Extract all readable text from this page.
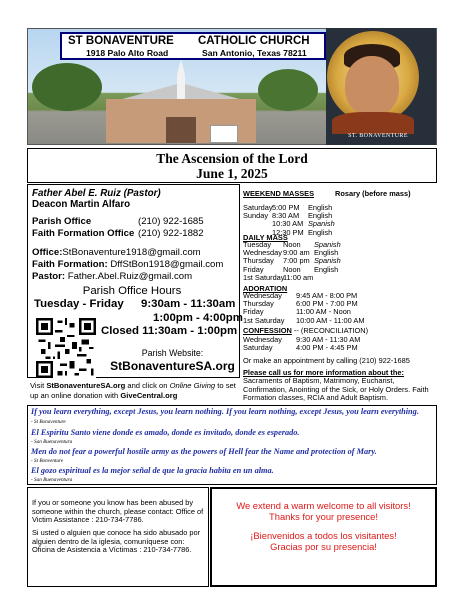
ST BONAVENTURE CATHOLIC CHURCH
1918 Palo Alto Road	San Antonio, Texas 78211
ST. BONAVENTURE
The Ascension of the Lord
June 1, 2025
Father Abel E. Ruiz (Pastor)
Deacon Martin Alfaro
Parish Office	(210) 922-1685
Faith Formation Office (210) 922-1882
Office:StBonaventure1918@gmail.com
Faith Formation: DffStBon1918@gmail.com
Pastor: Father.Abel.Ruiz@gmail.com
Parish Office Hours
Tuesday - Friday 9:30am - 11:30am
1:00pm - 4:00pm
Closed 11:30am - 1:00pm
Parish Website:
StBonaventureSA.org
Visit StBonaventureSA.org and click on Online Giving to set up an online donation with GiveCentral.org
WEEKEND MASSES	Rosary (before mass)
Saturday 5:00 PM English
Sunday 8:30 AM English
10:30 AM Spanish
12:30 PM English
DAILY MASS
Tuesday Noon Spanish
Wednesday 9:00 am English
Thursday 7:00 pm Spanish
Friday	Noon English
1st Saturday
11:00 am
ADORATION
Wednesday 9:45 AM - 8:00 PM
Thursday	6:00 PM - 7:00 PM
Friday	11:00 AM - Noon
1st Saturday 10:00 AM - 11:00 AM
CONFESSION -- (RECONCILIATION)
Wednesday 9:30 AM - 11:30 AM
Saturday	4:00 PM - 4:45 PM
Or make an appointment by calling (210) 922-1685
Please call us for more information about the:
Sacraments of Baptism, Matrimony, Eucharist, Confirmation, Anointing of the Sick, or Holy Orders. Faith Formation classes, RCIA and Adult Baptism.
If you learn everything, except Jesus, you learn nothing. If you learn nothing, except Jesus, you learn everything.
- St Bonaventure
El Espíritu Santo viene donde es amado, donde es invitado, donde es esperado.
- San Buenaventura
Men do not fear a powerful hostile army as the powers of Hell fear the Name and protection of Mary.
- St Bonventure
El gozo espiritual es la mejor señal de que la gracia habita en un alma.
- San Buenaventura
If you or someone you know has been abused by someone within the church, please contact: Office of Victim Assistance : 210-734-7786.
Si usted o alguien que conoce ha sido abusado por alguien dentro de la iglesia, comuníquese con: Oficina de Asistencia a Víctimas : 210-734-7786.
We extend a warm welcome to all visitors!
Thanks for your presence!
¡Bienvenidos a todos los visitantes!
Gracias por su presencia!
